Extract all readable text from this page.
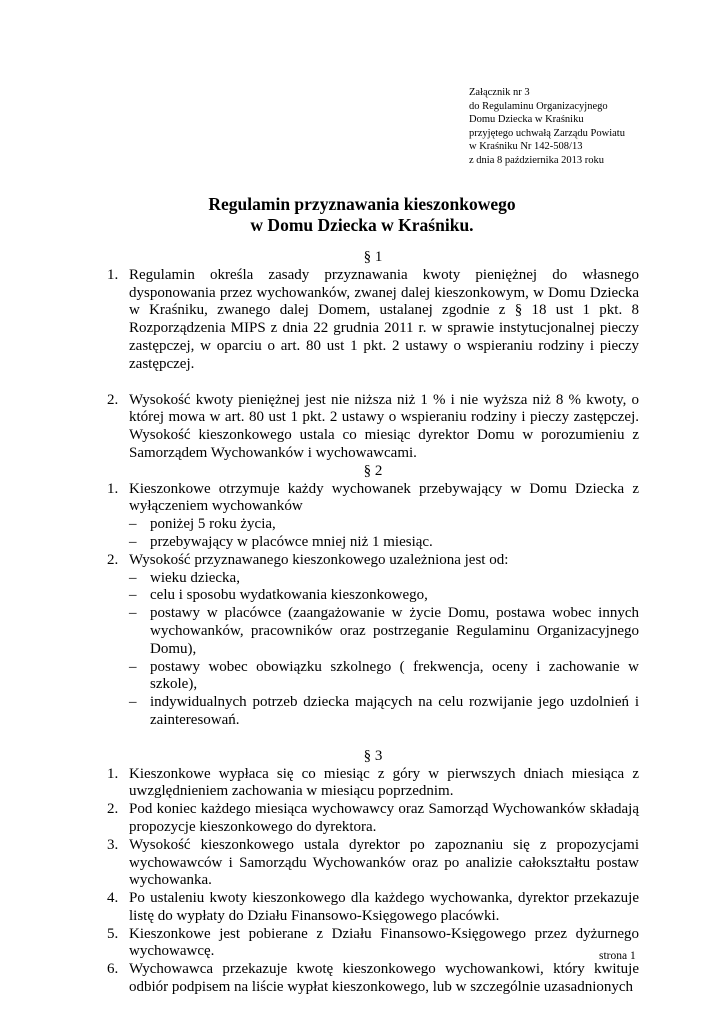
Załącznik nr 3
do Regulaminu Organizacyjnego
Domu Dziecka w Kraśniku
przyjętego uchwałą Zarządu Powiatu
w Kraśniku Nr 142-508/13
z dnia 8 października 2013 roku
Regulamin przyznawania kieszonkowego
w Domu Dziecka w Kraśniku.
§ 1
1. Regulamin określa zasady przyznawania kwoty pieniężnej do własnego dysponowania przez wychowanków, zwanej dalej kieszonkowym, w Domu Dziecka w Kraśniku, zwanego dalej Domem, ustalanej zgodnie z § 18 ust 1 pkt. 8 Rozporządzenia MIPS z dnia 22 grudnia 2011 r. w sprawie instytucjonalnej pieczy zastępczej, w oparciu o art. 80 ust 1 pkt. 2 ustawy o wspieraniu rodziny i pieczy zastępczej.
2. Wysokość kwoty pieniężnej jest nie niższa niż 1 % i nie wyższa niż 8 % kwoty, o której mowa w art. 80 ust 1 pkt. 2 ustawy o wspieraniu rodziny i pieczy zastępczej. Wysokość kieszonkowego ustala co miesiąc dyrektor Domu w porozumieniu z Samorządem Wychowanków i wychowawcami.
§ 2
1. Kieszonkowe otrzymuje każdy wychowanek przebywający w Domu Dziecka z wyłączeniem wychowanków
– poniżej 5 roku życia,
– przebywający w placówce mniej niż 1 miesiąc.
2. Wysokość przyznawanego kieszonkowego uzależniona jest od:
– wieku dziecka,
– celu i sposobu wydatkowania kieszonkowego,
– postawy w placówce (zaangażowanie w życie Domu, postawa wobec innych wychowanków, pracowników oraz postrzeganie Regulaminu Organizacyjnego Domu),
– postawy wobec obowiązku szkolnego ( frekwencja, oceny i zachowanie w szkole),
– indywidualnych potrzeb dziecka mających na celu rozwijanie jego uzdolnień i zainteresowań.
§ 3
1. Kieszonkowe wypłaca się co miesiąc z góry w pierwszych dniach miesiąca z uwzględnieniem zachowania w miesiącu poprzednim.
2. Pod koniec każdego miesiąca wychowawcy oraz Samorząd Wychowanków składają propozycje kieszonkowego do dyrektora.
3. Wysokość kieszonkowego ustala dyrektor po zapoznaniu się z propozycjami wychowawców i Samorządu Wychowanków oraz po analizie całokształtu postaw wychowanka.
4. Po ustaleniu kwoty kieszonkowego dla każdego wychowanka, dyrektor przekazuje listę do wypłaty do Działu Finansowo-Księgowego placówki.
5. Kieszonkowe jest pobierane z Działu Finansowo-Księgowego przez dyżurnego wychowawcę.
6. Wychowawca przekazuje kwotę kieszonkowego wychowankowi, który kwituje odbiór podpisem na liście wypłat kieszonkowego, lub w szczególnie uzasadnionych
strona 1
